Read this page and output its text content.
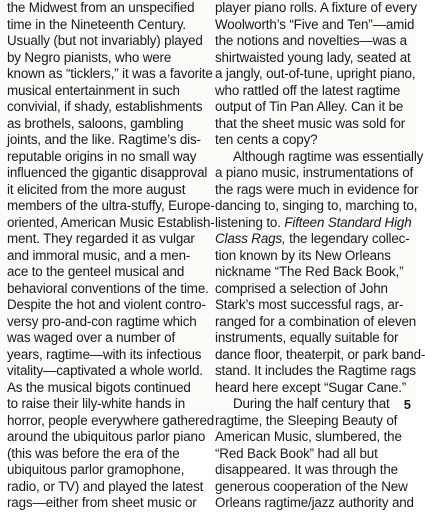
the Midwest from an unspecified
time in the Nineteenth Century.
Usually (but not invariably) played
by Negro pianists, who were
known as “ticklers,” it was a favorite
musical entertainment in such
convivial, if shady, establishments
as brothels, saloons, gambling
joints, and the like. Ragtime’s dis-
reputable origins in no small way
influenced the gigantic disapproval
it elicited from the more august
members of the ultra-stuffy, Europe-
oriented, American Music Establish-
ment. They regarded it as vulgar
and immoral music, and a men-
ace to the genteel musical and
behavioral conventions of the time.
Despite the hot and violent contro-
versy pro-and-con ragtime which
was waged over a number of
years, ragtime—with its infectious
vitality—captivated a whole world.
As the musical bigots continued
to raise their lily-white hands in
horror, people everywhere gathered
around the ubiquitous parlor piano
(this was before the era of the
ubiquitous parlor gramophone,
radio, or TV) and played the latest
rags—either from sheet music or
player piano rolls. A fixture of every
Woolworth’s “Five and Ten”—amid
the notions and novelties—was a
shirtwaisted young lady, seated at
a jangly, out-of-tune, upright piano,
who rattled off the latest ragtime
output of Tin Pan Alley. Can it be
that the sheet music was sold for
ten cents a copy?
Although ragtime was essentially
a piano music, instrumentations of
the rags were much in evidence for
dancing to, singing to, marching to,
listening to. Fifteen Standard High
Class Rags, the legendary collec-
tion known by its New Orleans
nickname “The Red Back Book,”
comprised a selection of John
Stark’s most successful rags, ar-
ranged for a combination of eleven
instruments, equally suitable for
dance floor, theaterpit, or park band-
stand. It includes the Ragtime rags
heard here except “Sugar Cane.”
During the half century that
ragtime, the Sleeping Beauty of
American Music, slumbered, the
“Red Back Book” had all but
disappeared. It was through the
generous cooperation of the New
Orleans ragtime/jazz authority and
5
